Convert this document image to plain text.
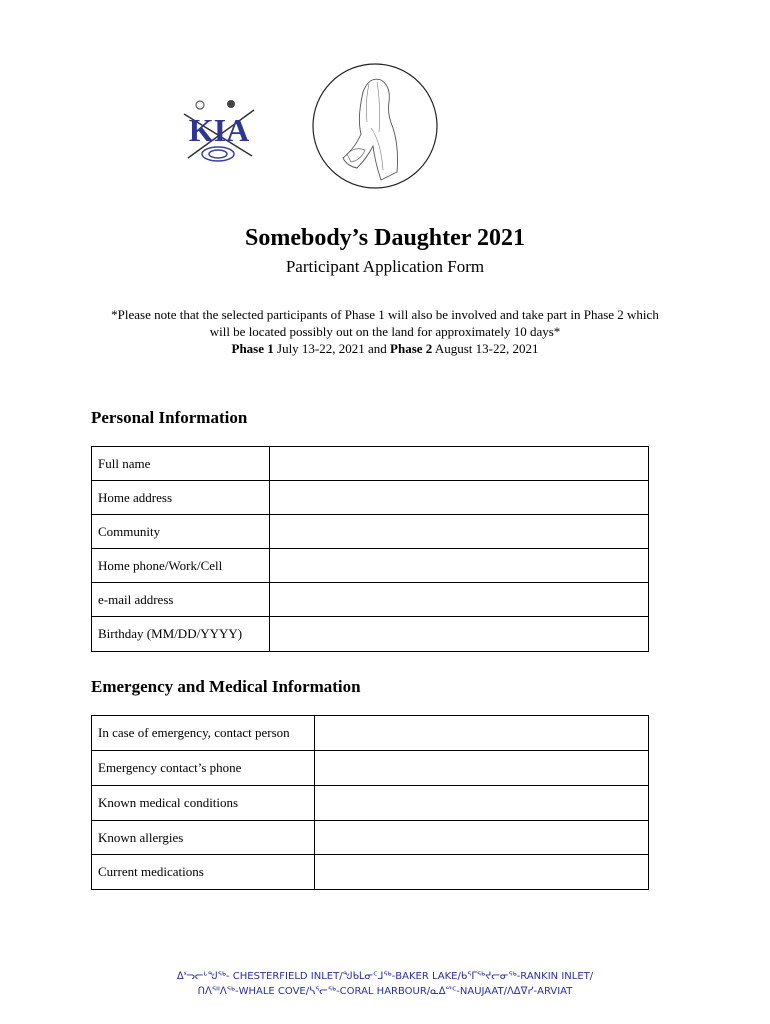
KIA
Somebody’s Daughter 2021
Participant Application Form
*Please note that the selected participants of Phase 1 will also be involved and take part in Phase 2 which
will be located possibly out on the land for approximately 10 days*
Phase 1 July 13-22, 2021 and Phase 2 August 13-22, 2021
Personal Information
Full name	

Home address	

Community	

Home phone/Work/Cell	

e-mail address	

Birthday (MM/DD/YYYY)	
Emergency and Medical Information
In case of emergency, contact person	

Emergency contact’s phone	

Known medical conditions	

Known allergies	

Current medications	
ᐃᓫᓓᓕᒡᖑᖅ- CHESTERFIELD INLET/ᖑᑲᒪᓂᑦᒧᖅ-BAKER LAKE/ᑲᕐᒥᖅᔪᓕᓂᖅ-RANKIN INLET/
ᑎᐱᕐᐦᐱᖅ-WHALE COVE/ᓴᕐᓕᖅ-CORAL HARBOUR/ᓇᐃᔥᑦ-NAUJAAT/ᐱᐃᐁᓯ-ARVIAT
